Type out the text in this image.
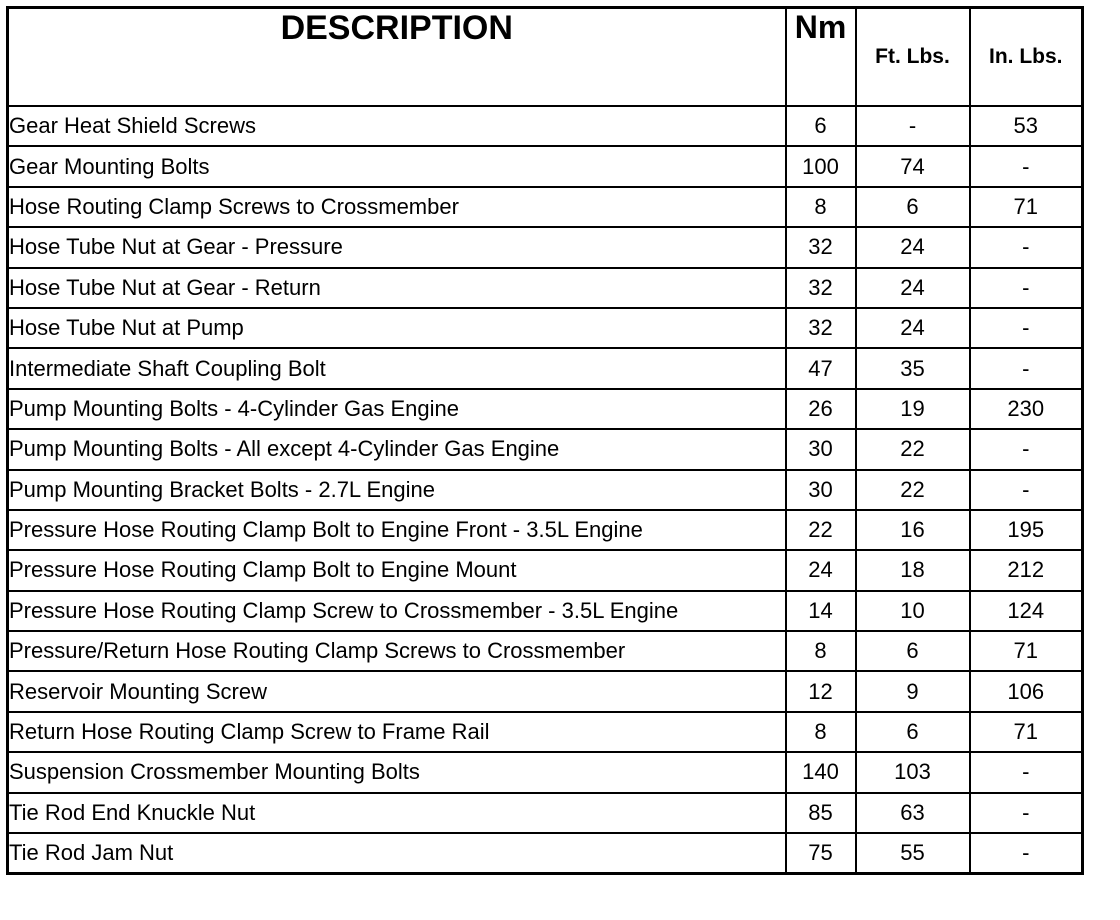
DESCRIPTION	Nm	Ft. Lbs.	In. Lbs.
Gear Heat Shield Screws	6	-	53
Gear Mounting Bolts	100	74	-
Hose Routing Clamp Screws to Crossmember	8	6	71
Hose Tube Nut at Gear - Pressure	32	24	-
Hose Tube Nut at Gear - Return	32	24	-
Hose Tube Nut at Pump	32	24	-
Intermediate Shaft Coupling Bolt	47	35	-
Pump Mounting Bolts - 4-Cylinder Gas Engine	26	19	230
Pump Mounting Bolts - All except 4-Cylinder Gas Engine	30	22	-
Pump Mounting Bracket Bolts - 2.7L Engine	30	22	-
Pressure Hose Routing Clamp Bolt to Engine Front - 3.5L Engine	22	16	195
Pressure Hose Routing Clamp Bolt to Engine Mount	24	18	212
Pressure Hose Routing Clamp Screw to Crossmember - 3.5L Engine	14	10	124
Pressure/Return Hose Routing Clamp Screws to Crossmember	8	6	71
Reservoir Mounting Screw	12	9	106
Return Hose Routing Clamp Screw to Frame Rail	8	6	71
Suspension Crossmember Mounting Bolts	140	103	-
Tie Rod End Knuckle Nut	85	63	-
Tie Rod Jam Nut	75	55	-
